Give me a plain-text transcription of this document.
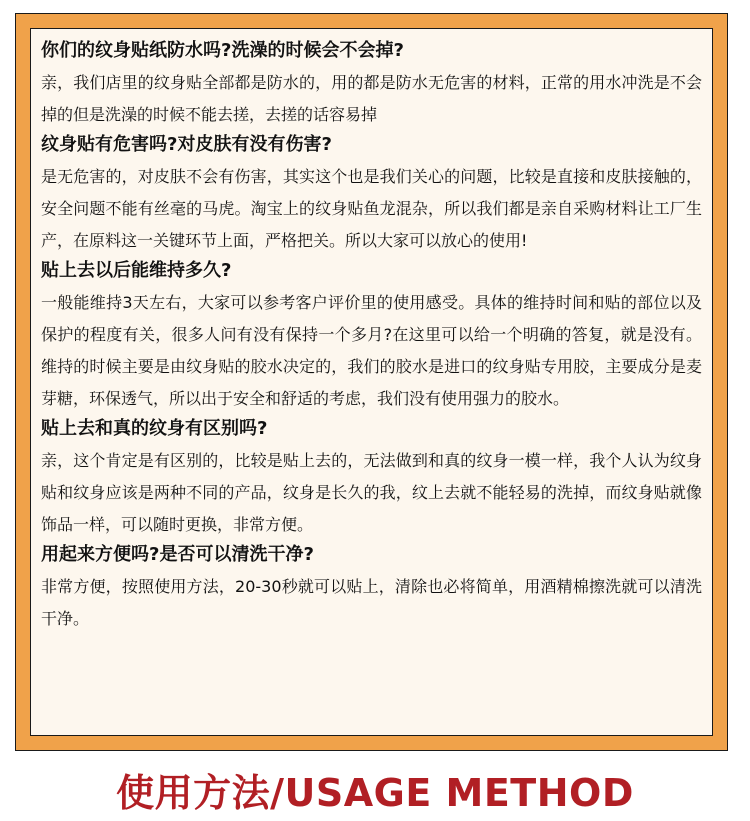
你们的纹身贴纸防水吗?洗澡的时候会不会掉?
亲，我们店里的纹身贴全部都是防水的，用的都是防水无危害的材料，正常的用水冲洗是不会掉的但是洗澡的时候不能去搓，去搓的话容易掉
纹身贴有危害吗?对皮肤有没有伤害?
是无危害的，对皮肤不会有伤害，其实这个也是我们关心的问题，比较是直接和皮肤接触的，安全问题不能有丝毫的马虎。淘宝上的纹身贴鱼龙混杂，所以我们都是亲自采购材料让工厂生产，在原料这一关键环节上面，严格把关。所以大家可以放心的使用!
贴上去以后能维持多久?
一般能维持3天左右，大家可以参考客户评价里的使用感受。具体的维持时间和贴的部位以及保护的程度有关，很多人问有没有保持一个多月?在这里可以给一个明确的答复，就是没有。维持的时候主要是由纹身贴的胶水决定的，我们的胶水是进口的纹身贴专用胶，主要成分是麦芽糖，环保透气，所以出于安全和舒适的考虑，我们没有使用强力的胶水。
贴上去和真的纹身有区别吗?
亲，这个肯定是有区别的，比较是贴上去的，无法做到和真的纹身一模一样，我个人认为纹身贴和纹身应该是两种不同的产品，纹身是长久的我，纹上去就不能轻易的洗掉，而纹身贴就像饰品一样，可以随时更换，非常方便。
用起来方便吗?是否可以清洗干净?
非常方便，按照使用方法，20-30秒就可以贴上，清除也必将简单，用酒精棉擦洗就可以清洗干净。
使用方法/USAGE METHOD
